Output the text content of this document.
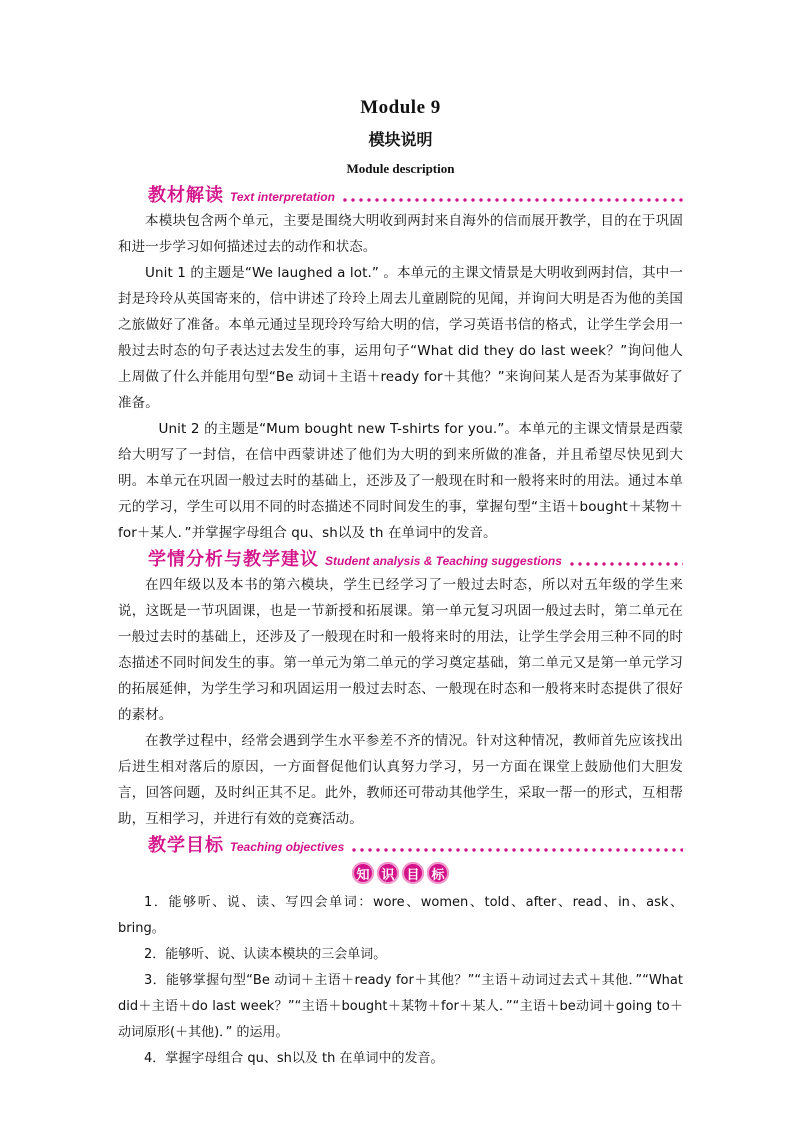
Module 9
模块说明
Module description
教材解读 Text interpretation

本模块包含两个单元，主要是围绕大明收到两封来自海外的信而展开教学，目的在于巩固和进一步学习如何描述过去的动作和状态。

Unit 1 的主题是“We laughed a lot.” 。本单元的主课文情景是大明收到两封信，其中一封是玲玲从英国寄来的，信中讲述了玲玲上周去儿童剧院的见闻，并询问大明是否为他的美国之旅做好了准备。本单元通过呈现玲玲写给大明的信，学习英语书信的格式，让学生学会用一般过去时态的句子表达过去发生的事，运用句子“What did they do last week？”询问他人上周做了什么并能用句型“Be 动词＋主语＋ready for＋其他？”来询问某人是否为某事做好了准备。

Unit 2 的主题是“Mum bought new T-shirts for you.”。本单元的主课文情景是西蒙给大明写了一封信，在信中西蒙讲述了他们为大明的到来所做的准备，并且希望尽快见到大明。本单元在巩固一般过去时的基础上，还涉及了一般现在时和一般将来时的用法。通过本单元的学习，学生可以用不同的时态描述不同时间发生的事，掌握句型“主语＋bought＋某物＋for＋某人．”并掌握字母组合 qu、sh以及 th 在单词中的发音。

学情分析与教学建议 Student analysis & Teaching suggestions

在四年级以及本书的第六模块，学生已经学习了一般过去时态，所以对五年级的学生来说，这既是一节巩固课，也是一节新授和拓展课。第一单元复习巩固一般过去时，第二单元在一般过去时的基础上，还涉及了一般现在时和一般将来时的用法，让学生学会用三种不同的时态描述不同时间发生的事。第一单元为第二单元的学习奠定基础，第二单元又是第一单元学习的拓展延伸，为学生学习和巩固运用一般过去时态、一般现在时态和一般将来时态提供了很好的素材。

在教学过程中，经常会遇到学生水平参差不齐的情况。针对这种情况，教师首先应该找出后进生相对落后的原因，一方面督促他们认真努力学习，另一方面在课堂上鼓励他们大胆发言，回答问题，及时纠正其不足。此外，教师还可带动其他学生，采取一帮一的形式，互相帮助，互相学习，并进行有效的竞赛活动。

教学目标 Teaching objectives
知 识 目 标
1．能够听、说、读、写四会单词：wore、women、told、after、read、in、ask、bring。
2．能够听、说、认读本模块的三会单词。
3．能够掌握句型“Be 动词＋主语＋ready for＋其他？”“主语＋动词过去式＋其他．”“What did＋主语＋do last week？”“主语＋bought＋某物＋for＋某人．”“主语＋be动词＋going to＋动词原形(＋其他)．” 的运用。
4．掌握字母组合 qu、sh以及 th 在单词中的发音。
